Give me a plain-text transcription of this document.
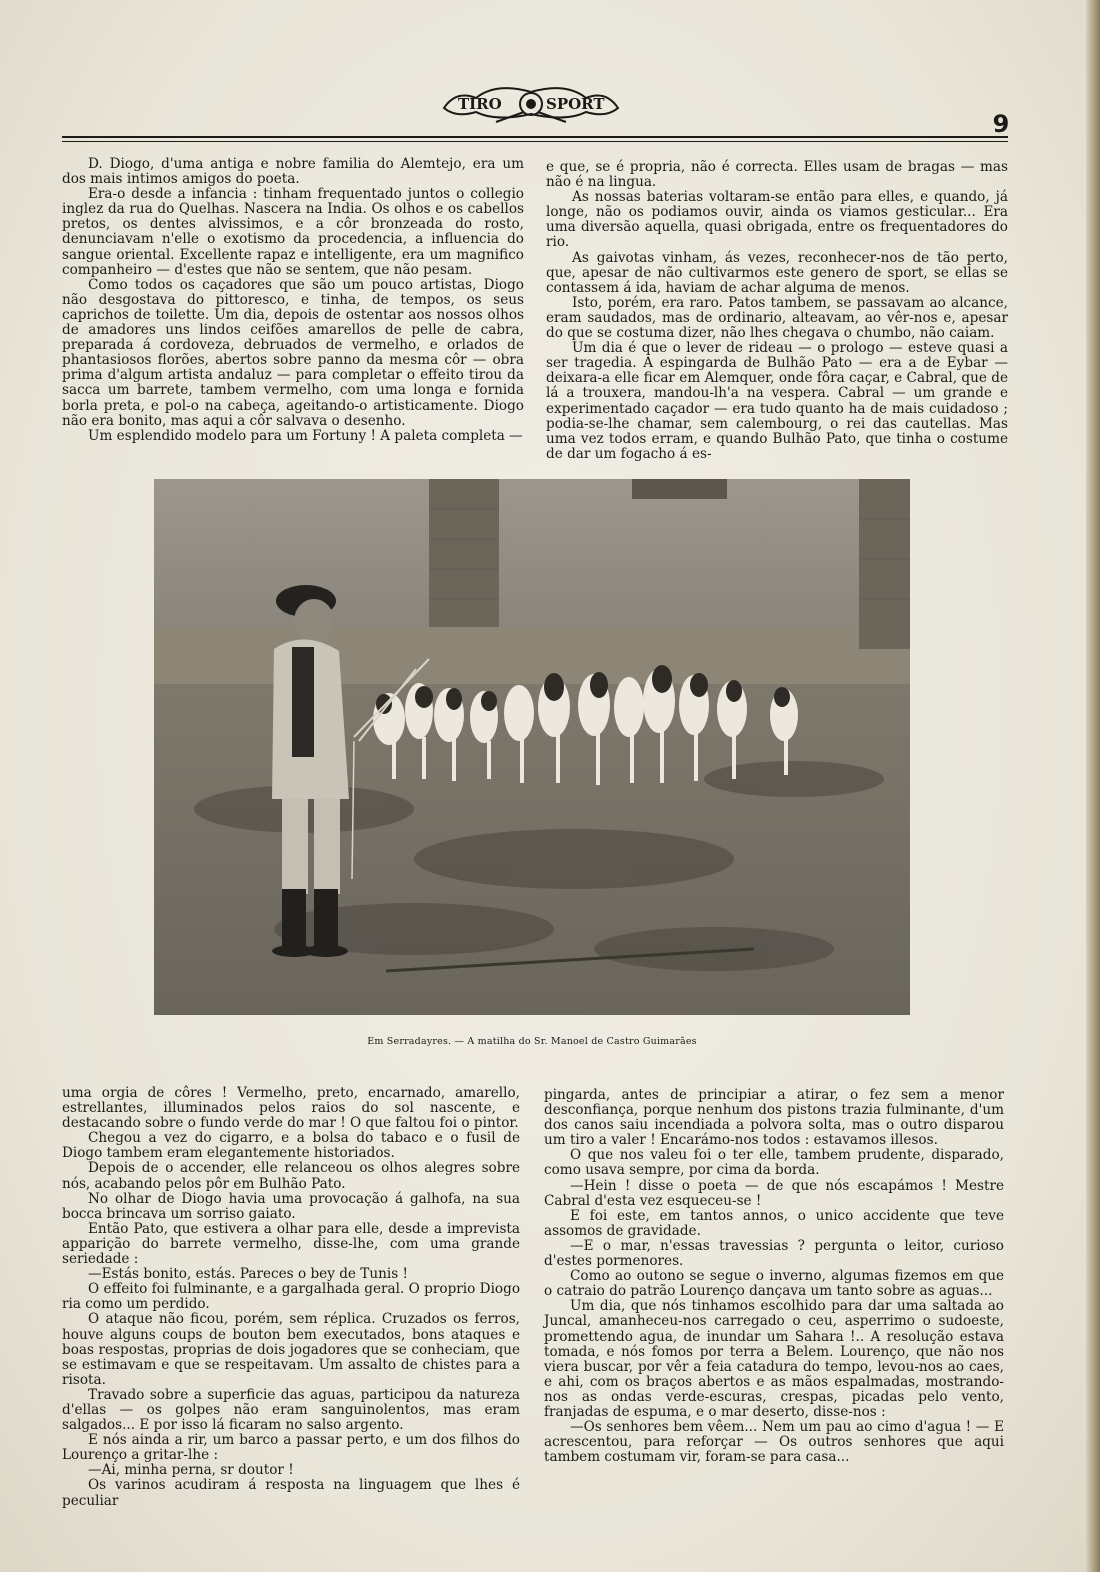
TIRO	SPORT
9

D. Diogo, d'uma antiga e nobre familia do Alemtejo, era um dos mais intimos amigos do poeta.

Era-o desde a infancia : tinham frequentado juntos o collegio inglez da rua do Quelhas. Nascera na India. Os olhos e os cabellos pretos, os dentes alvissimos, e a côr bronzeada do rosto, denunciavam n'elle o exotismo da procedencia, a influencia do sangue oriental. Excellente rapaz e intelligente, era um magnifico companheiro — d'estes que não se sentem, que não pesam.

Como todos os caçadores que são um pouco artistas, Diogo não desgostava do pittoresco, e tinha, de tempos, os seus caprichos de toilette. Um dia, depois de ostentar aos nossos olhos de amadores uns lindos ceifões amarellos de pelle de cabra, preparada á cordoveza, debruados de vermelho, e orlados de phantasiosos florões, abertos sobre panno da mesma côr — obra prima d'algum artista andaluz — para completar o effeito tirou da sacca um barrete, tambem vermelho, com uma longa e fornida borla preta, e pol-o na cabeça, ageitando-o artisticamente. Diogo não era bonito, mas aqui a côr salvava o desenho.

Um esplendido modelo para um Fortuny ! A paleta completa —

e que, se é propria, não é correcta. Elles usam de bragas — mas não é na lingua.

As nossas baterias voltaram-se então para elles, e quando, já longe, não os podiamos ouvir, ainda os viamos gesticular... Era uma diversão aquella, quasi obrigada, entre os frequentadores do rio.

As gaivotas vinham, ás vezes, reconhecer-nos de tão perto, que, apesar de não cultivarmos este genero de sport, se ellas se contassem á ida, haviam de achar alguma de menos.

Isto, porém, era raro. Patos tambem, se passavam ao alcance, eram saudados, mas de ordinario, alteavam, ao vêr-nos e, apesar do que se costuma dizer, não lhes chegava o chumbo, não caiam.

Um dia é que o lever de rideau — o prologo — esteve quasi a ser tragedia. A espingarda de Bulhão Pato — era a de Eybar — deixara-a elle ficar em Alemquer, onde fôra caçar, e Cabral, que de lá a trouxera, mandou-lh'a na vespera. Cabral — um grande e experimentado caçador — era tudo quanto ha de mais cuidadoso ; podia-se-lhe chamar, sem calembourg, o rei das cautellas. Mas uma vez todos erram, e quando Bulhão Pato, que tinha o costume de dar um fogacho á es-

Em Serradayres. — A matilha do Sr. Manoel de Castro Guimarães

uma orgia de côres ! Vermelho, preto, encarnado, amarello, estrellantes, illuminados pelos raios do sol nascente, e destacando sobre o fundo verde do mar ! O que faltou foi o pintor.

Chegou a vez do cigarro, e a bolsa do tabaco e o fusil de Diogo tambem eram elegantemente historiados.

Depois de o accender, elle relanceou os olhos alegres sobre nós, acabando pelos pôr em Bulhão Pato.

No olhar de Diogo havia uma provocação á galhofa, na sua bocca brincava um sorriso gaiato.

Então Pato, que estivera a olhar para elle, desde a imprevista apparição do barrete vermelho, disse-lhe, com uma grande seriedade :

—Estás bonito, estás. Pareces o bey de Tunis !

O effeito foi fulminante, e a gargalhada geral. O proprio Diogo ria como um perdido.

O ataque não ficou, porém, sem réplica. Cruzados os ferros, houve alguns coups de bouton bem executados, bons ataques e boas respostas, proprias de dois jogadores que se conheciam, que se estimavam e que se respeitavam. Um assalto de chistes para a risota.

Travado sobre a superficie das aguas, participou da natureza d'ellas — os golpes não eram sanguinolentos, mas eram salgados... E por isso lá ficaram no salso argento.

E nós ainda a rir, um barco a passar perto, e um dos filhos do Lourenço a gritar-lhe :

—Ai, minha perna, sr doutor !

Os varinos acudiram á resposta na linguagem que lhes é peculiar

pingarda, antes de principiar a atirar, o fez sem a menor desconfiança, porque nenhum dos pistons trazia fulminante, d'um dos canos saiu incendiada a polvora solta, mas o outro disparou um tiro a valer ! Encarámo-nos todos : estavamos illesos.

O que nos valeu foi o ter elle, tambem prudente, disparado, como usava sempre, por cima da borda.

—Hein ! disse o poeta — de que nós escapámos ! Mestre Cabral d'esta vez esqueceu-se !

E foi este, em tantos annos, o unico accidente que teve assomos de gravidade.

—E o mar, n'essas travessias ? pergunta o leitor, curioso d'estes pormenores.

Como ao outono se segue o inverno, algumas fizemos em que o catraio do patrão Lourenço dançava um tanto sobre as aguas...

Um dia, que nós tinhamos escolhido para dar uma saltada ao Juncal, amanheceu-nos carregado o ceu, asperrimo o sudoeste, promettendo agua, de inundar um Sahara !.. A resolução estava tomada, e nós fomos por terra a Belem. Lourenço, que não nos viera buscar, por vêr a feia catadura do tempo, levou-nos ao caes, e ahi, com os braços abertos e as mãos espalmadas, mostrando-nos as ondas verde-escuras, crespas, picadas pelo vento, franjadas de espuma, e o mar deserto, disse-nos :

—Os senhores bem vêem... Nem um pau ao cimo d'agua ! — E acrescentou, para reforçar — Os outros senhores que aqui tambem costumam vir, foram-se para casa...
